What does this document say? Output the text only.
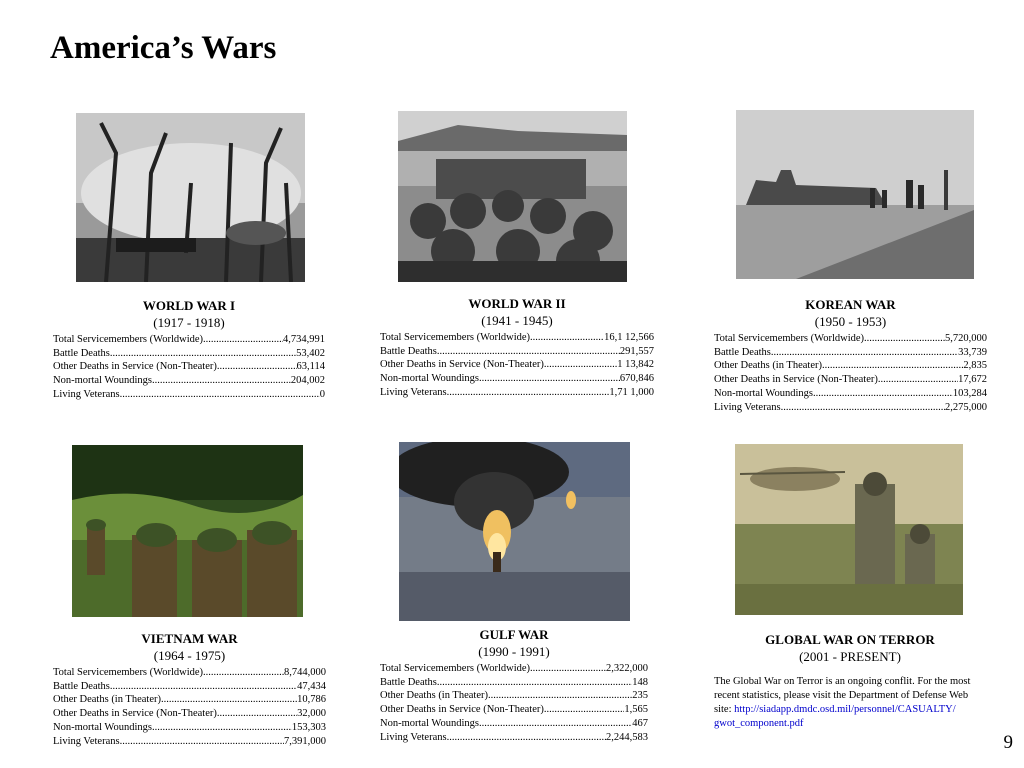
America’s Wars
WORLD WAR I
(1917 - 1918)
Total Servicemembers (Worldwide) .....	4,734,991
Battle Deaths .....	53,402
Other Deaths in Service (Non-Theater) .....	63,114
Non-mortal Woundings .....	204,002
Living Veterans .....	0
WORLD WAR II
(1941 - 1945)
Total Servicemembers (Worldwide) .....	16,1 12,566
Battle Deaths .....	291,557
Other Deaths in Service (Non-Theater) .....	1 13,842
Non-mortal Woundings .....	670,846
Living Veterans .....	1,71 1,000
KOREAN WAR
(1950 - 1953)
Total Servicemembers (Worldwide) .....	5,720,000
Battle Deaths .....	33,739
Other Deaths (in Theater) .....	2,835
Other Deaths in Service (Non-Theater). .....	17,672
Non-mortal Woundings .....	103,284
Living Veterans .....	2,275,000
VIETNAM WAR
(1964 - 1975)
Total Servicemembers (Worldwide) .....	8,744,000
Battle Deaths .....	47,434
Other Deaths (in Theater) .....	10,786
Other Deaths in Service (Non-Theater) .....	32,000
Non-mortal Woundings .....	153,303
Living Veterans .....	7,391,000
GULF WAR
(1990 - 1991)
Total Servicemembers (Worldwide) .....	2,322,000
Battle Deaths .....	148
Other Deaths (in Theater) .....	235
Other Deaths in Service (Non-Theater) .....	1,565
Non-mortal Woundings .....	467
Living Veterans .....	2,244,583
GLOBAL WAR ON TERROR
(2001 - PRESENT)
The Global War on Terror is an ongoing conflit. For the most recent statistics, please visit the Department of Defense Web site: http://siadapp.dmdc.osd.mil/personnel/CASUALTY/ gwot_component.pdf
9
